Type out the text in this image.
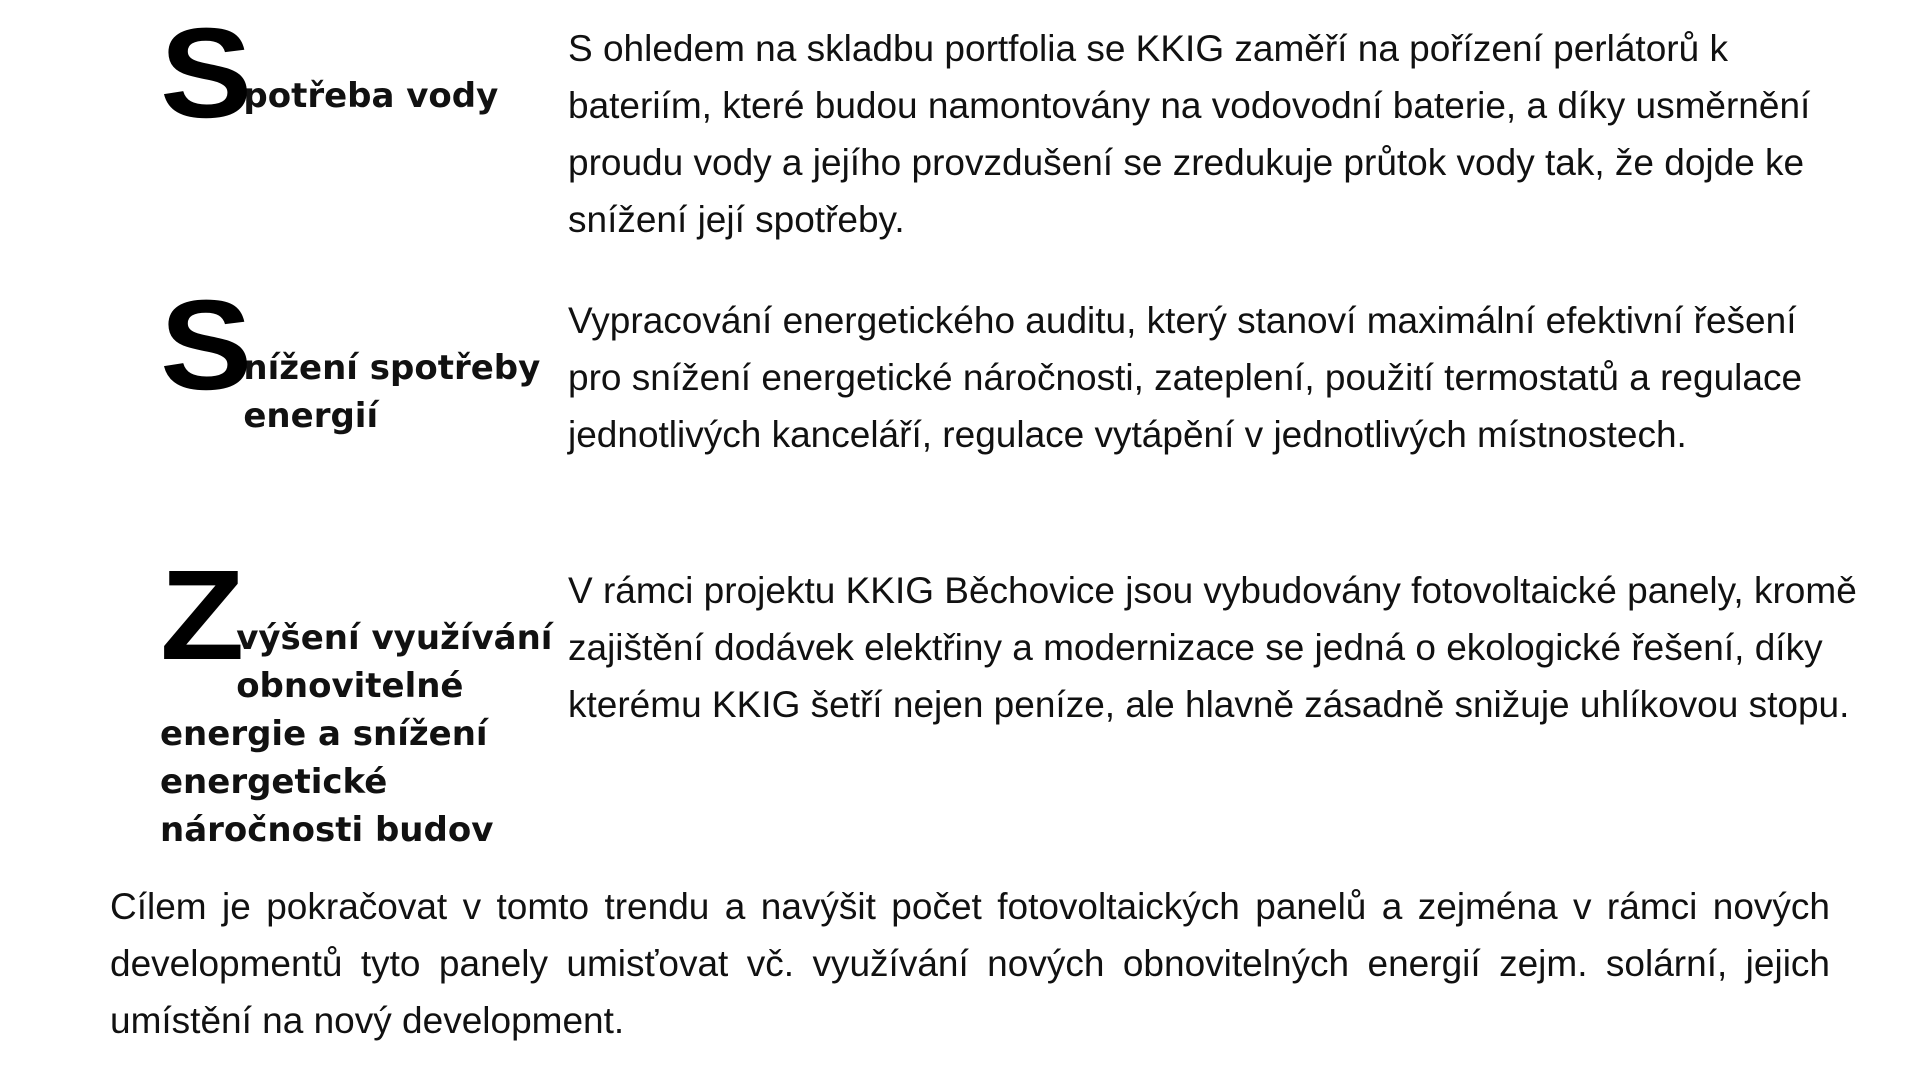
S
potřeba vody
S ohledem na skladbu portfolia se KKIG zaměří na pořízení perlátorů k bateriím, které budou namontovány na vodovodní baterie, a díky usměrnění proudu vody a jejího provzdušení se zredukuje průtok vody tak, že dojde ke snížení její spotřeby.
S
nížení spotřeby energií
Vypracování energetického auditu, který stanoví maximální efektivní řešení pro snížení energetické náročnosti, zateplení, použití termostatů a regulace jednotlivých kanceláří, regulace vytápění v jednotlivých místnostech.
Z
výšení využívání obnovitelné energie a snížení energetické náročnosti budov
V rámci projektu KKIG Běchovice jsou vybudovány fotovoltaické panely, kromě zajištění dodávek elektřiny a modernizace se jedná o ekologické řešení, díky kterému KKIG šetří nejen peníze, ale hlavně zásadně snižuje uhlíkovou stopu.
Cílem je pokračovat v tomto trendu a navýšit počet fotovoltaických panelů a zejména v rámci nových developmentů tyto panely umisťovat vč. využívání nových obnovitelných energií zejm. solární, jejich umístění na nový development.
